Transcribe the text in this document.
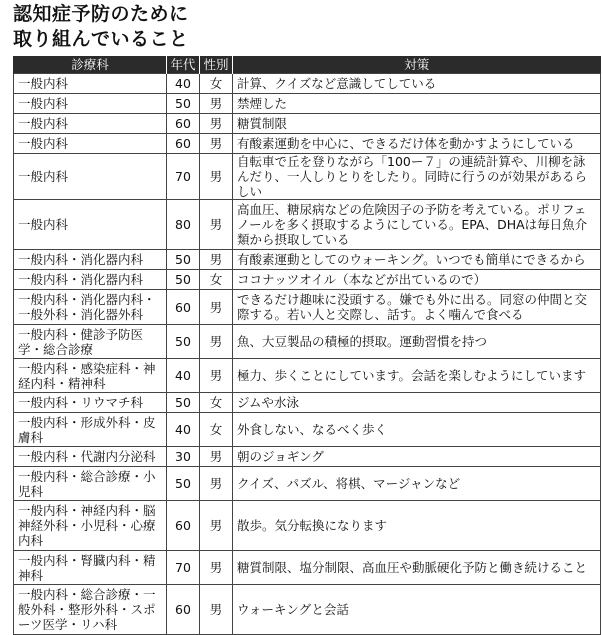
認知症予防のために
取り組んでいること
診療科	年代	性別	対策
一般内科	40	女	計算、クイズなど意識してしている
一般内科	50	男	禁煙した
一般内科	60	男	糖質制限
一般内科	60	男	有酸素運動を中心に、できるだけ体を動かすようにしている
一般内科	70	男	自転車で丘を登りながら「100ー７」の連続計算や、川柳を詠んだり、一人しりとりをしたり。同時に行うのが効果があるらしい
一般内科	80	男	高血圧、糖尿病などの危険因子の予防を考えている。ポリフェノールを多く摂取するようにしている。EPA、DHAは毎日魚介類から摂取している
一般内科・消化器内科	50	男	有酸素運動としてのウォーキング。いつでも簡単にできるから
一般内科・消化器内科	50	女	ココナッツオイル（本などが出ているので）
一般内科・消化器内科・一般外科・消化器外科	60	男	できるだけ趣味に没頭する。嫌でも外に出る。同窓の仲間と交際する。若い人と交際し、話す。よく噛んで食べる
一般内科・健診予防医学・総合診療	50	男	魚、大豆製品の積極的摂取。運動習慣を持つ
一般内科・感染症科・神経内科・精神科	40	男	極力、歩くことにしています。会話を楽しむようにしています
一般内科・リウマチ科	50	女	ジムや水泳
一般内科・形成外科・皮膚科	40	女	外食しない、なるべく歩く
一般内科・代謝内分泌科	30	男	朝のジョギング
一般内科・総合診療・小児科	50	男	クイズ、パズル、将棋、マージャンなど
一般内科・神経内科・脳神経外科・小児科・心療内科	60	男	散歩。気分転換になります
一般内科・腎臓内科・精神科	70	男	糖質制限、塩分制限、高血圧や動脈硬化予防と働き続けること
一般内科・総合診療・一般外科・整形外科・スポーツ医学・リハ科	60	男	ウォーキングと会話
